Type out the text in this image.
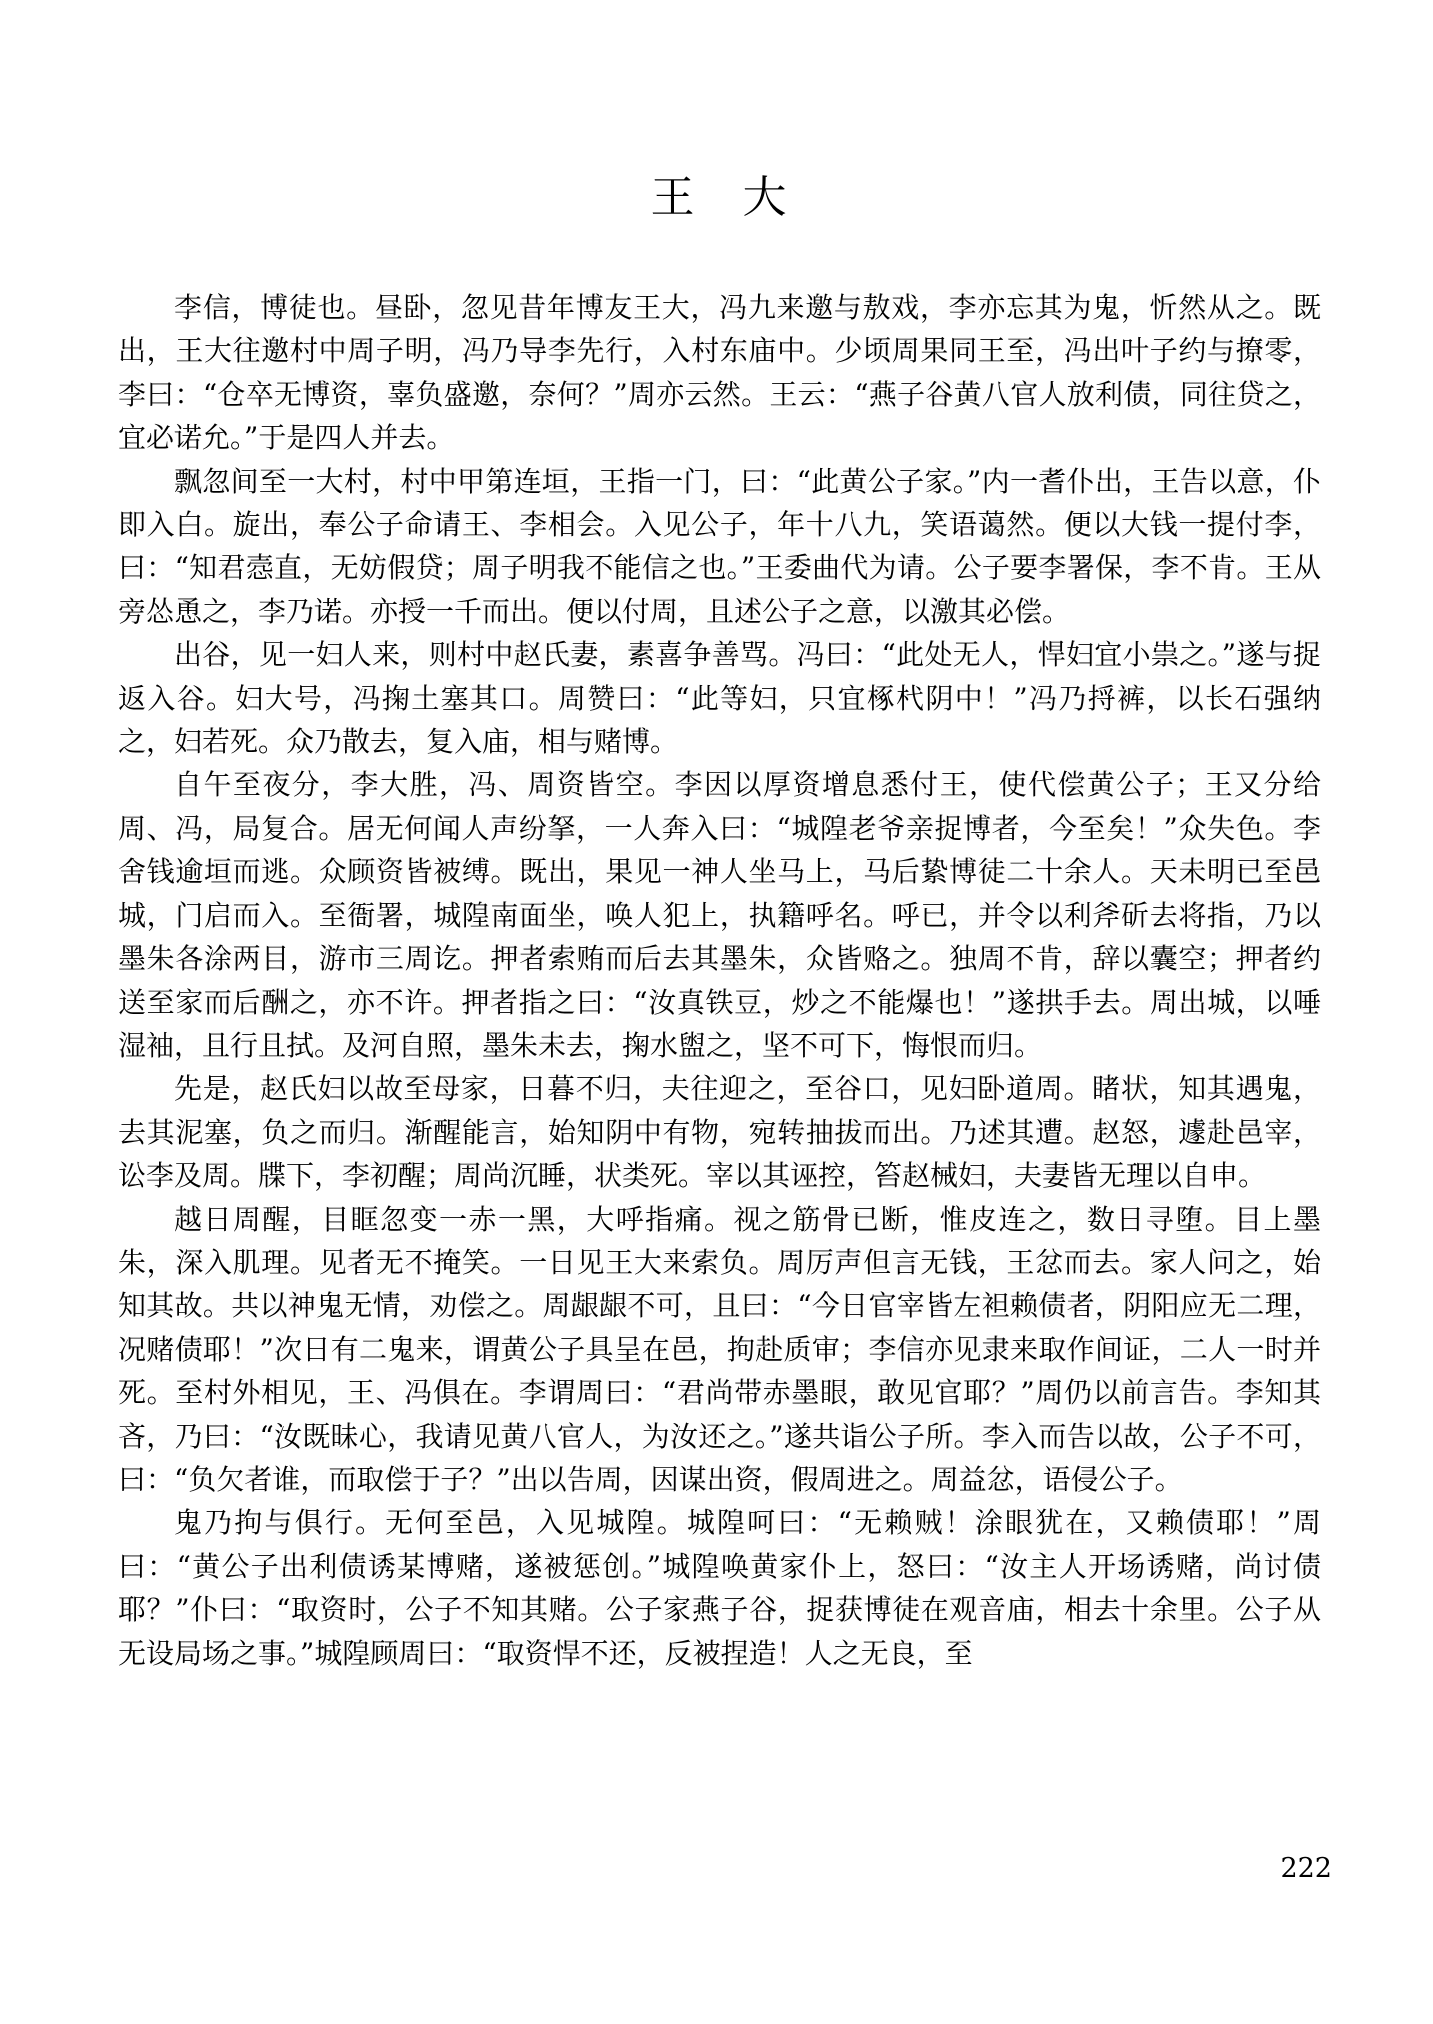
王　大

李信，博徒也。昼卧，忽见昔年博友王大，冯九来邀与敖戏，李亦忘其为鬼，忻然从之。既出，王大往邀村中周子明，冯乃导李先行，入村东庙中。少顷周果同王至，冯出叶子约与撩零，李曰：“仓卒无博资，辜负盛邀，奈何？”周亦云然。王云：“燕子谷黄八官人放利债，同往贷之，宜必诺允。”于是四人并去。

飘忽间至一大村，村中甲第连垣，王指一门，曰：“此黄公子家。”内一耆仆出，王告以意，仆即入白。旋出，奉公子命请王、李相会。入见公子，年十八九，笑语蔼然。便以大钱一提付李，曰：“知君悫直，无妨假贷；周子明我不能信之也。”王委曲代为请。公子要李署保，李不肯。王从旁怂恿之，李乃诺。亦授一千而出。便以付周，且述公子之意，以激其必偿。

出谷，见一妇人来，则村中赵氏妻，素喜争善骂。冯曰：“此处无人，悍妇宜小祟之。”遂与捉返入谷。妇大号，冯掬土塞其口。周赞曰：“此等妇，只宜椓杙阴中！”冯乃捋裤，以长石强纳之，妇若死。众乃散去，复入庙，相与赌博。

自午至夜分，李大胜，冯、周资皆空。李因以厚资增息悉付王，使代偿黄公子；王又分给周、冯，局复合。居无何闻人声纷拏，一人奔入曰：“城隍老爷亲捉博者，今至矣！”众失色。李舍钱逾垣而逃。众顾资皆被缚。既出，果见一神人坐马上，马后絷博徒二十余人。天未明已至邑城，门启而入。至衙署，城隍南面坐，唤人犯上，执籍呼名。呼已，并令以利斧斫去将指，乃以墨朱各涂两目，游市三周讫。押者索贿而后去其墨朱，众皆赂之。独周不肯，辞以囊空；押者约送至家而后酬之，亦不许。押者指之曰：“汝真铁豆，炒之不能爆也！”遂拱手去。周出城，以唾湿袖，且行且拭。及河自照，墨朱未去，掬水盥之，坚不可下，悔恨而归。

先是，赵氏妇以故至母家，日暮不归，夫往迎之，至谷口，见妇卧道周。睹状，知其遇鬼，去其泥塞，负之而归。渐醒能言，始知阴中有物，宛转抽拔而出。乃述其遭。赵怒，遽赴邑宰，讼李及周。牒下，李初醒；周尚沉睡，状类死。宰以其诬控，笞赵械妇，夫妻皆无理以自申。

越日周醒，目眶忽变一赤一黑，大呼指痛。视之筋骨已断，惟皮连之，数日寻堕。目上墨朱，深入肌理。见者无不掩笑。一日见王大来索负。周厉声但言无钱，王忿而去。家人问之，始知其故。共以神鬼无情，劝偿之。周龈龈不可，且曰：“今日官宰皆左袒赖债者，阴阳应无二理，况赌债耶！”次日有二鬼来，谓黄公子具呈在邑，拘赴质审；李信亦见隶来取作间证，二人一时并死。至村外相见，王、冯俱在。李谓周曰：“君尚带赤墨眼，敢见官耶？”周仍以前言告。李知其吝，乃曰：“汝既昧心，我请见黄八官人，为汝还之。”遂共诣公子所。李入而告以故，公子不可，曰：“负欠者谁，而取偿于子？”出以告周，因谋出资，假周进之。周益忿，语侵公子。

鬼乃拘与俱行。无何至邑，入见城隍。城隍呵曰：“无赖贼！涂眼犹在，又赖债耶！”周曰：“黄公子出利债诱某博赌，遂被惩创。”城隍唤黄家仆上，怒曰：“汝主人开场诱赌，尚讨债耶？”仆曰：“取资时，公子不知其赌。公子家燕子谷，捉获博徒在观音庙，相去十余里。公子从无设局场之事。”城隍顾周曰：“取资悍不还，反被捏造！人之无良，至

222
